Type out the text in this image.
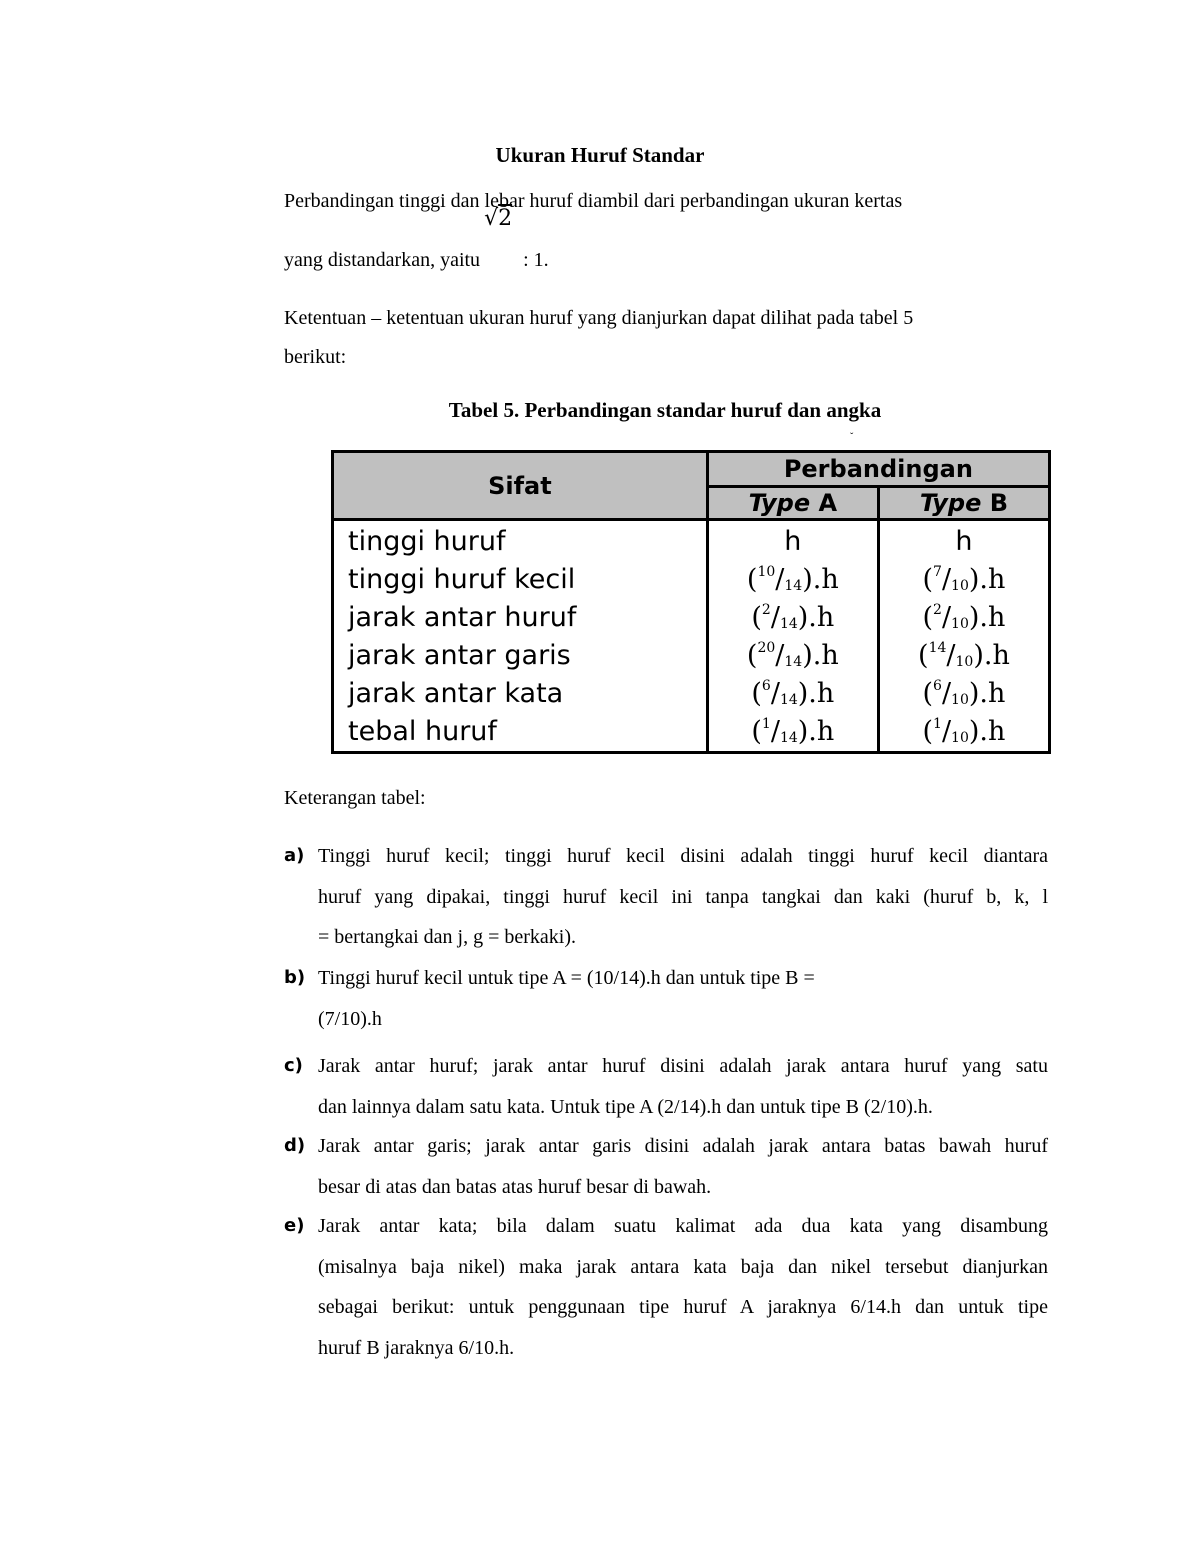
Ukuran Huruf Standar
Perbandingan tinggi dan lebar huruf diambil dari perbandingan ukuran kertas
yang distandarkan, yaitu
√2
: 1.
Ketentuan – ketentuan ukuran huruf yang dianjurkan dapat dilihat pada tabel 5
berikut:
Tabel 5. Perbandingan standar huruf dan angka
ˇ
Sifat	Perbandingan	
	Type A	Type B
tinggi huruf	h	h
tinggi huruf kecil	$(^{10}/_{14}).h$	$(^7/_{10}).h$
jarak antar huruf	$(^2/_{14}).h$	$(^2/_{10}).h$
jarak antar garis	$(^{20}/_{14}).h$	$(^{14}/_{10}).h$
jarak antar kata	$(^6/_{14}).h$	$(^6/_{10}).h$
tebal huruf	$(^1/_{14}).h$	$(^1/_{10}).h$
Keterangan tabel:
a) Tinggi huruf kecil; tinggi huruf kecil disini adalah tinggi huruf kecil diantara
huruf yang dipakai, tinggi huruf kecil ini tanpa tangkai dan kaki (huruf b, k, l
= bertangkai dan j, g = berkaki).
b) Tinggi huruf kecil untuk tipe A = (10/14).h dan untuk tipe B =
(7/10).h
c) Jarak antar huruf; jarak antar huruf disini adalah jarak antara huruf yang satu
dan lainnya dalam satu kata. Untuk tipe A (2/14).h dan untuk tipe B (2/10).h.
d) Jarak antar garis; jarak antar garis disini adalah jarak antara batas bawah huruf
besar di atas dan batas atas huruf besar di bawah.
e) Jarak antar kata; bila dalam suatu kalimat ada dua kata yang disambung
(misalnya baja nikel) maka jarak antara kata baja dan nikel tersebut dianjurkan
sebagai berikut: untuk penggunaan tipe huruf A jaraknya 6/14.h dan untuk tipe
huruf B jaraknya 6/10.h.
